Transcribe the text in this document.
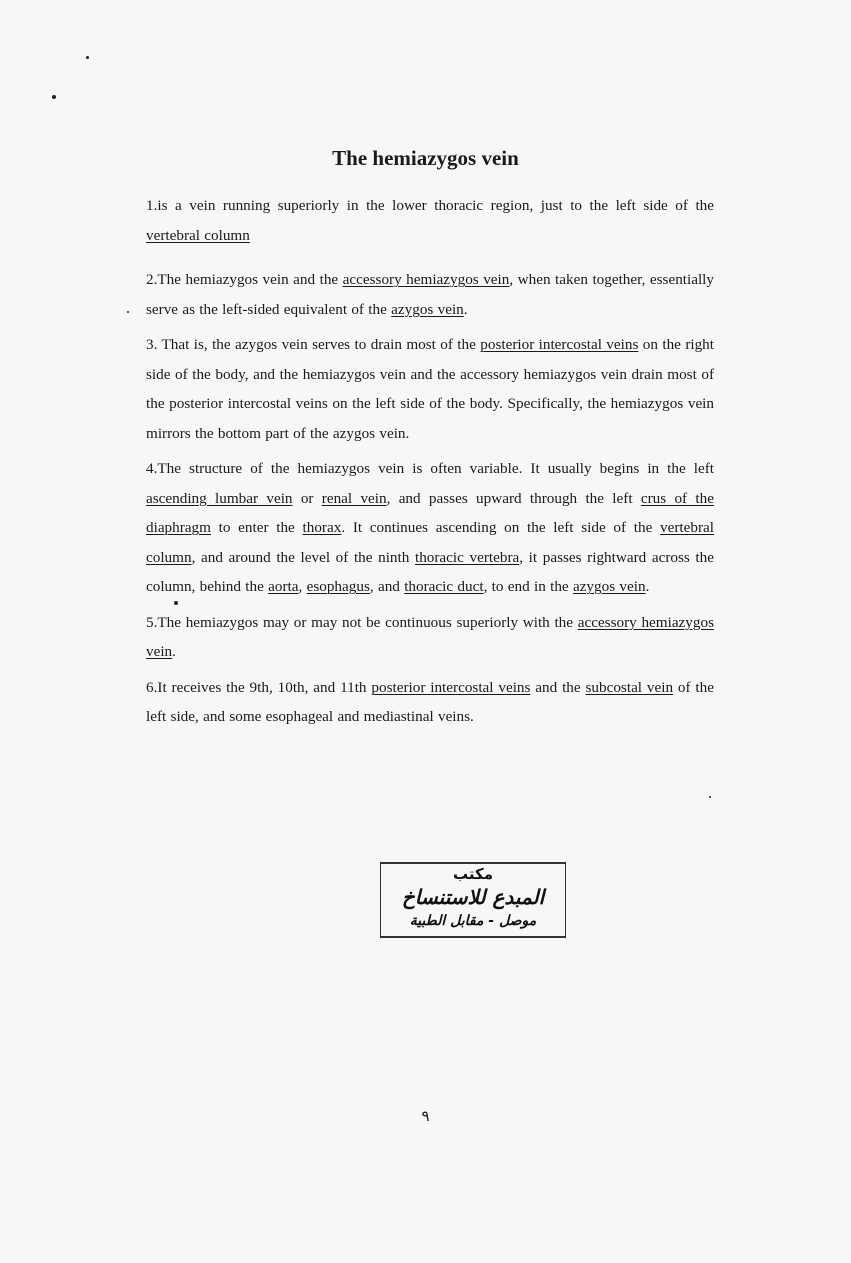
The hemiazygos vein

1.is a vein running superiorly in the lower thoracic region, just to the left side of the vertebral column

2.The hemiazygos vein and the accessory hemiazygos vein, when taken together, essentially serve as the left-sided equivalent of the azygos vein.

3. That is, the azygos vein serves to drain most of the posterior intercostal veins on the right side of the body, and the hemiazygos vein and the accessory hemiazygos vein drain most of the posterior intercostal veins on the left side of the body. Specifically, the hemiazygos vein mirrors the bottom part of the azygos vein.

4.The structure of the hemiazygos vein is often variable. It usually begins in the left ascending lumbar vein or renal vein, and passes upward through the left crus of the diaphragm to enter the thorax. It continues ascending on the left side of the vertebral column, and around the level of the ninth thoracic vertebra, it passes rightward across the column, behind the aorta, esophagus, and thoracic duct, to end in the azygos vein.

5.The hemiazygos may or may not be continuous superiorly with the accessory hemiazygos vein.

6.It receives the 9th, 10th, and 11th posterior intercostal veins and the subcostal vein of the left side, and some esophageal and mediastinal veins.

مكتب
المبدع للاستنساخ
موصل - مقابل الطبية
٩
